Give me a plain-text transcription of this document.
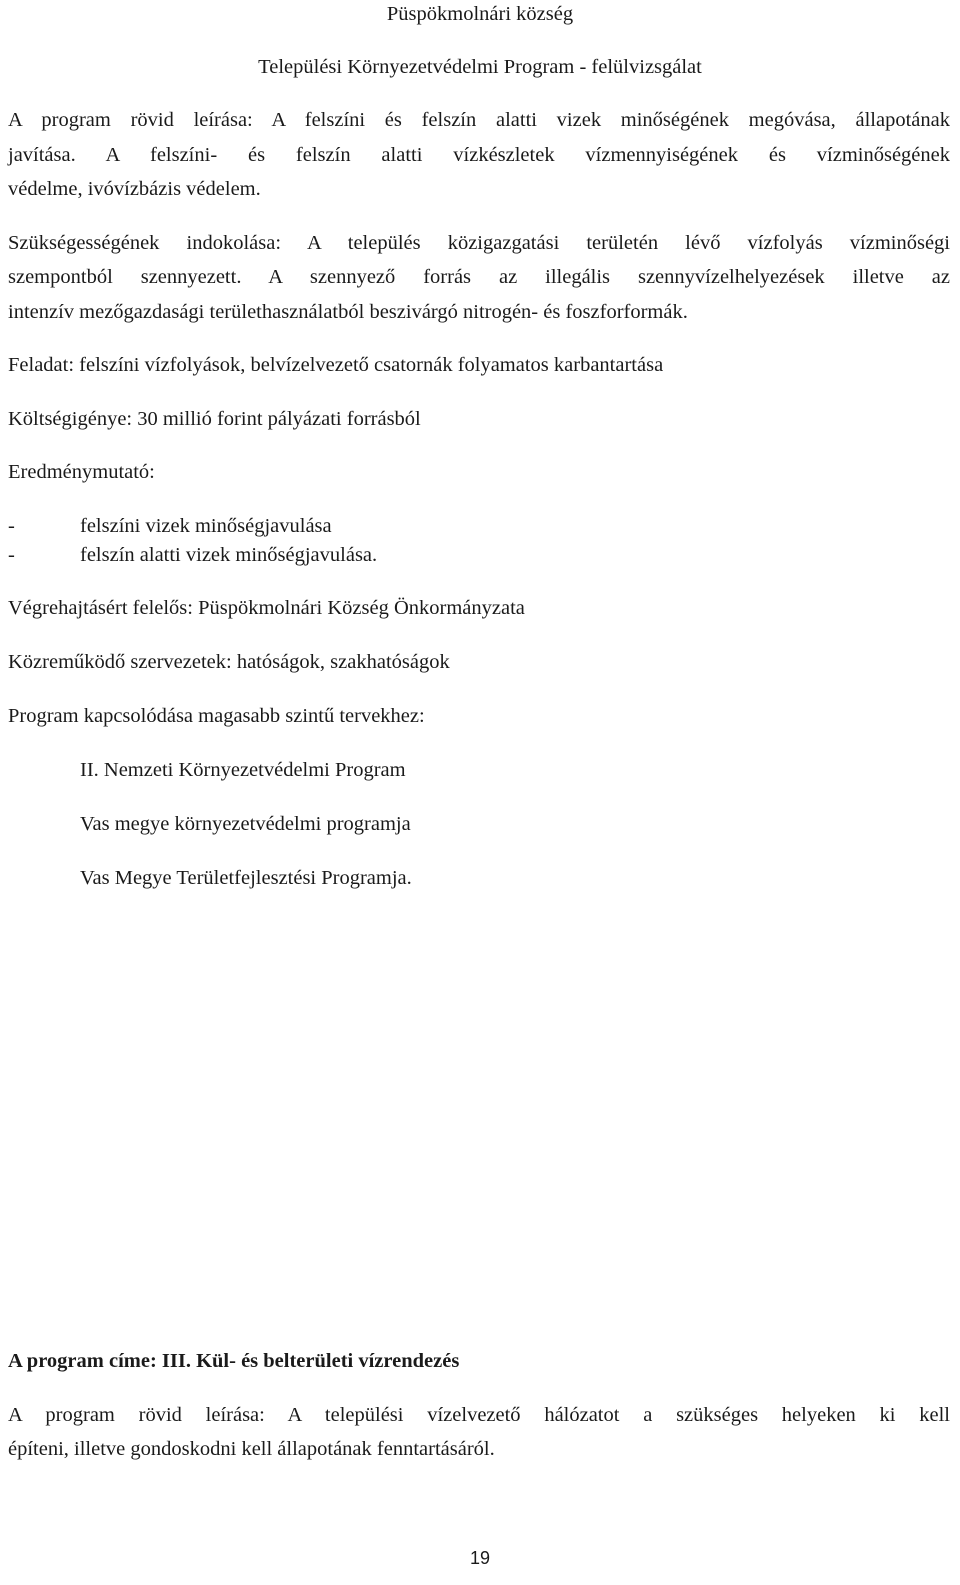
Püspökmolnári község

Települési Környezetvédelmi Program - felülvizsgálat

A program rövid leírása: A felszíni és felszín alatti vizek minőségének megóvása, állapotának

javítása. A felszíni- és felszín alatti vízkészletek vízmennyiségének és vízminőségének

védelme, ivóvízbázis védelem.

Szükségességének indokolása: A település közigazgatási területén lévő vízfolyás vízminőségi

szempontból szennyezett. A szennyező forrás az illegális szennyvízelhelyezések illetve az

intenzív mezőgazdasági területhasználatból beszivárgó nitrogén- és foszforformák.

Feladat: felszíni vízfolyások, belvízelvezető csatornák folyamatos karbantartása

Költségigénye: 30 millió forint pályázati forrásból

Eredménymutató:

-	felszíni vizek minőségjavulása
-	felszín alatti vizek minőségjavulása.

Végrehajtásért felelős: Püspökmolnári Község Önkormányzata

Közreműködő szervezetek: hatóságok, szakhatóságok

Program kapcsolódása magasabb szintű tervekhez:

II. Nemzeti Környezetvédelmi Program

Vas megye környezetvédelmi programja

Vas Megye Területfejlesztési Programja.

A program címe: III. Kül- és belterületi vízrendezés

A program rövid leírása: A települési vízelvezető hálózatot a szükséges helyeken ki kell

építeni, illetve gondoskodni kell állapotának fenntartásáról.

19
